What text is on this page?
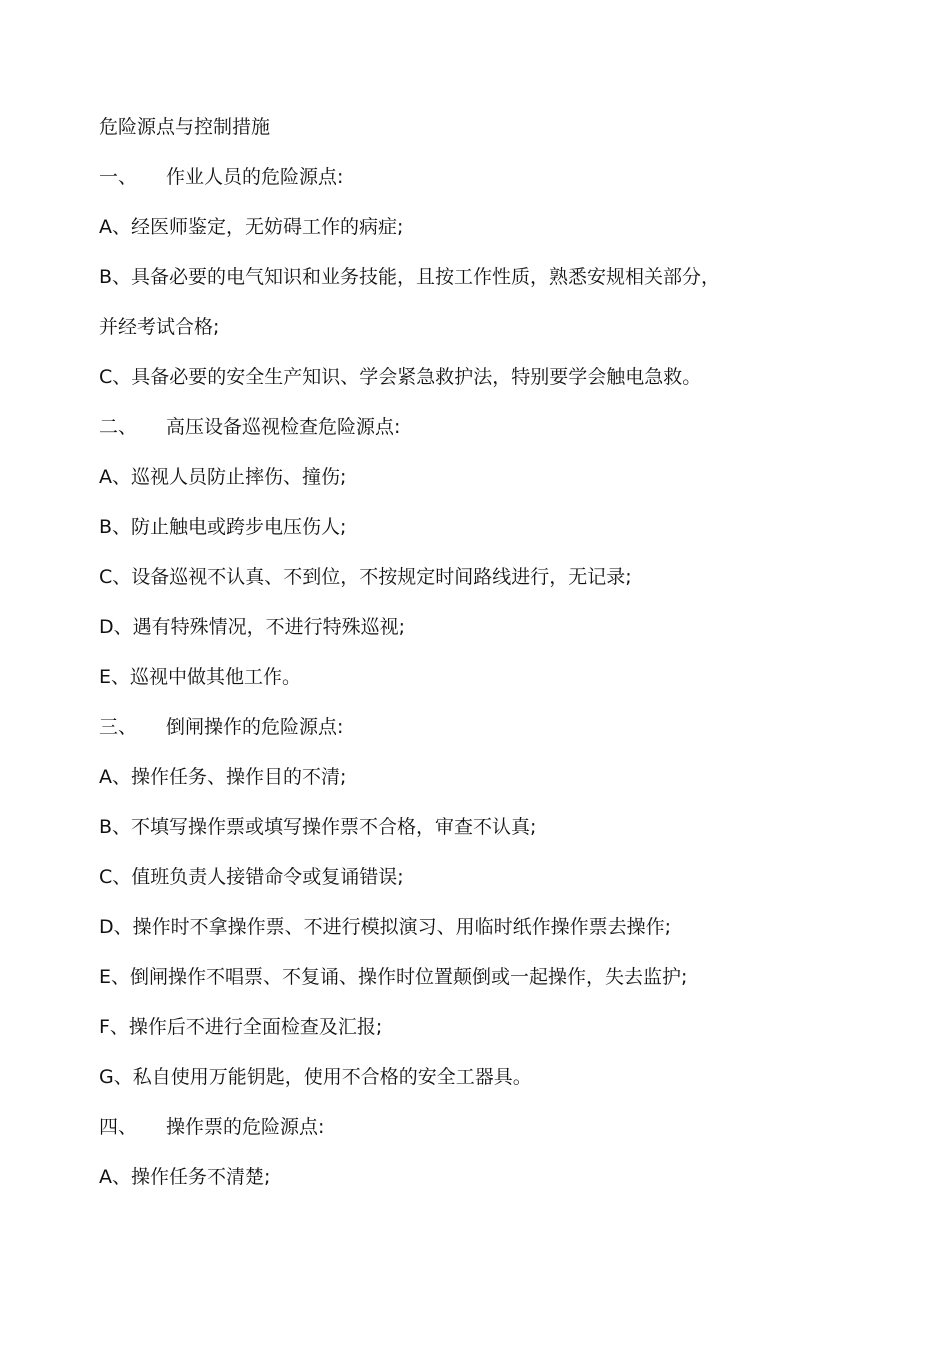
危险源点与控制措施
一、 作业人员的危险源点:
A、经医师鉴定，无妨碍工作的病症;
B、具备必要的电气知识和业务技能，且按工作性质，熟悉安规相关部分，
并经考试合格;
C、具备必要的安全生产知识、学会紧急救护法，特别要学会触电急救。
二、 高压设备巡视检查危险源点:
A、巡视人员防止摔伤、撞伤;
B、防止触电或跨步电压伤人;
C、设备巡视不认真、不到位，不按规定时间路线进行，无记录;
D、遇有特殊情况，不进行特殊巡视;
E、巡视中做其他工作。
三、 倒闸操作的危险源点:
A、操作任务、操作目的不清;
B、不填写操作票或填写操作票不合格，审查不认真;
C、值班负责人接错命令或复诵错误;
D、操作时不拿操作票、不进行模拟演习、用临时纸作操作票去操作;
E、倒闸操作不唱票、不复诵、操作时位置颠倒或一起操作，失去监护;
F、操作后不进行全面检查及汇报;
G、私自使用万能钥匙，使用不合格的安全工器具。
四、 操作票的危险源点:
A、操作任务不清楚;
